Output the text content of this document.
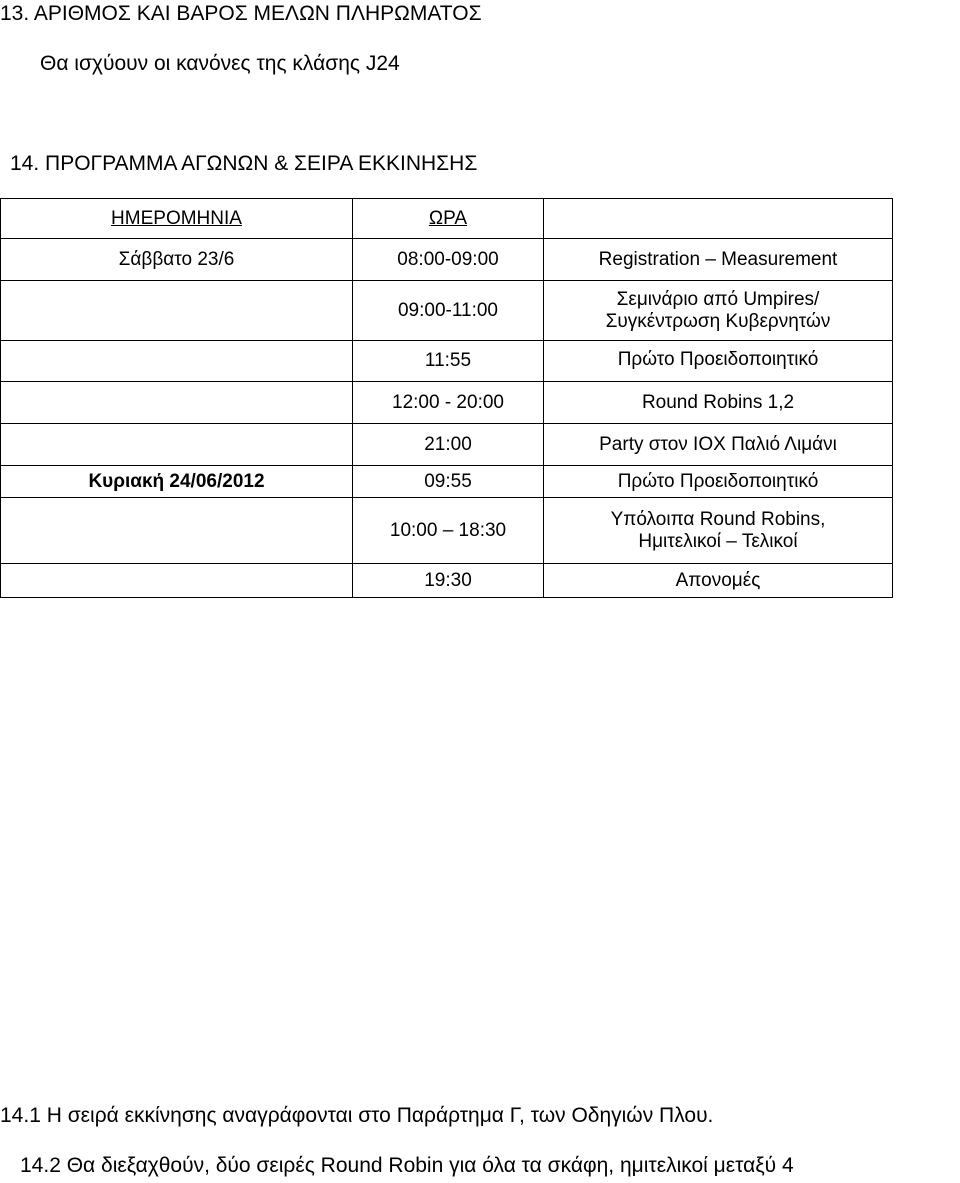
13. ΑΡΙΘΜΟΣ ΚΑΙ ΒΑΡΟΣ ΜΕΛΩΝ ΠΛΗΡΩΜΑΤΟΣ
Θα ισχύουν οι κανόνες της κλάσης J24
14. ΠΡΟΓΡΑΜΜΑ ΑΓΩΝΩΝ & ΣΕΙΡΑ ΕΚΚΙΝΗΣΗΣ
ΗΜΕΡΟΜΗΝΙΑ	ΩΡΑ	
Σάββατο 23/6	08:00-09:00	Registration – Measurement
	09:00-11:00	Σεμινάριο από Umpires/
Συγκέντρωση Κυβερνητών

	11:55	Πρώτο Προειδοποιητικό

	12:00 - 20:00	Round Robins 1,2
	21:00	Party στον ΙΟΧ Παλιό Λιμάνι
Κυριακή 24/06/2012	09:55	Πρώτο Προειδοποιητικό
	10:00 – 18:30	Υπόλοιπα Round Robins,
Ημιτελικοί – Τελικοί

	19:30	Απονομές
14.1 Η σειρά εκκίνησης αναγράφονται στο Παράρτημα Γ, των Οδηγιών Πλου.
14.2 Θα διεξαχθούν, δύο σειρές Round Robin για όλα τα σκάφη, ημιτελικοί μεταξύ 4
